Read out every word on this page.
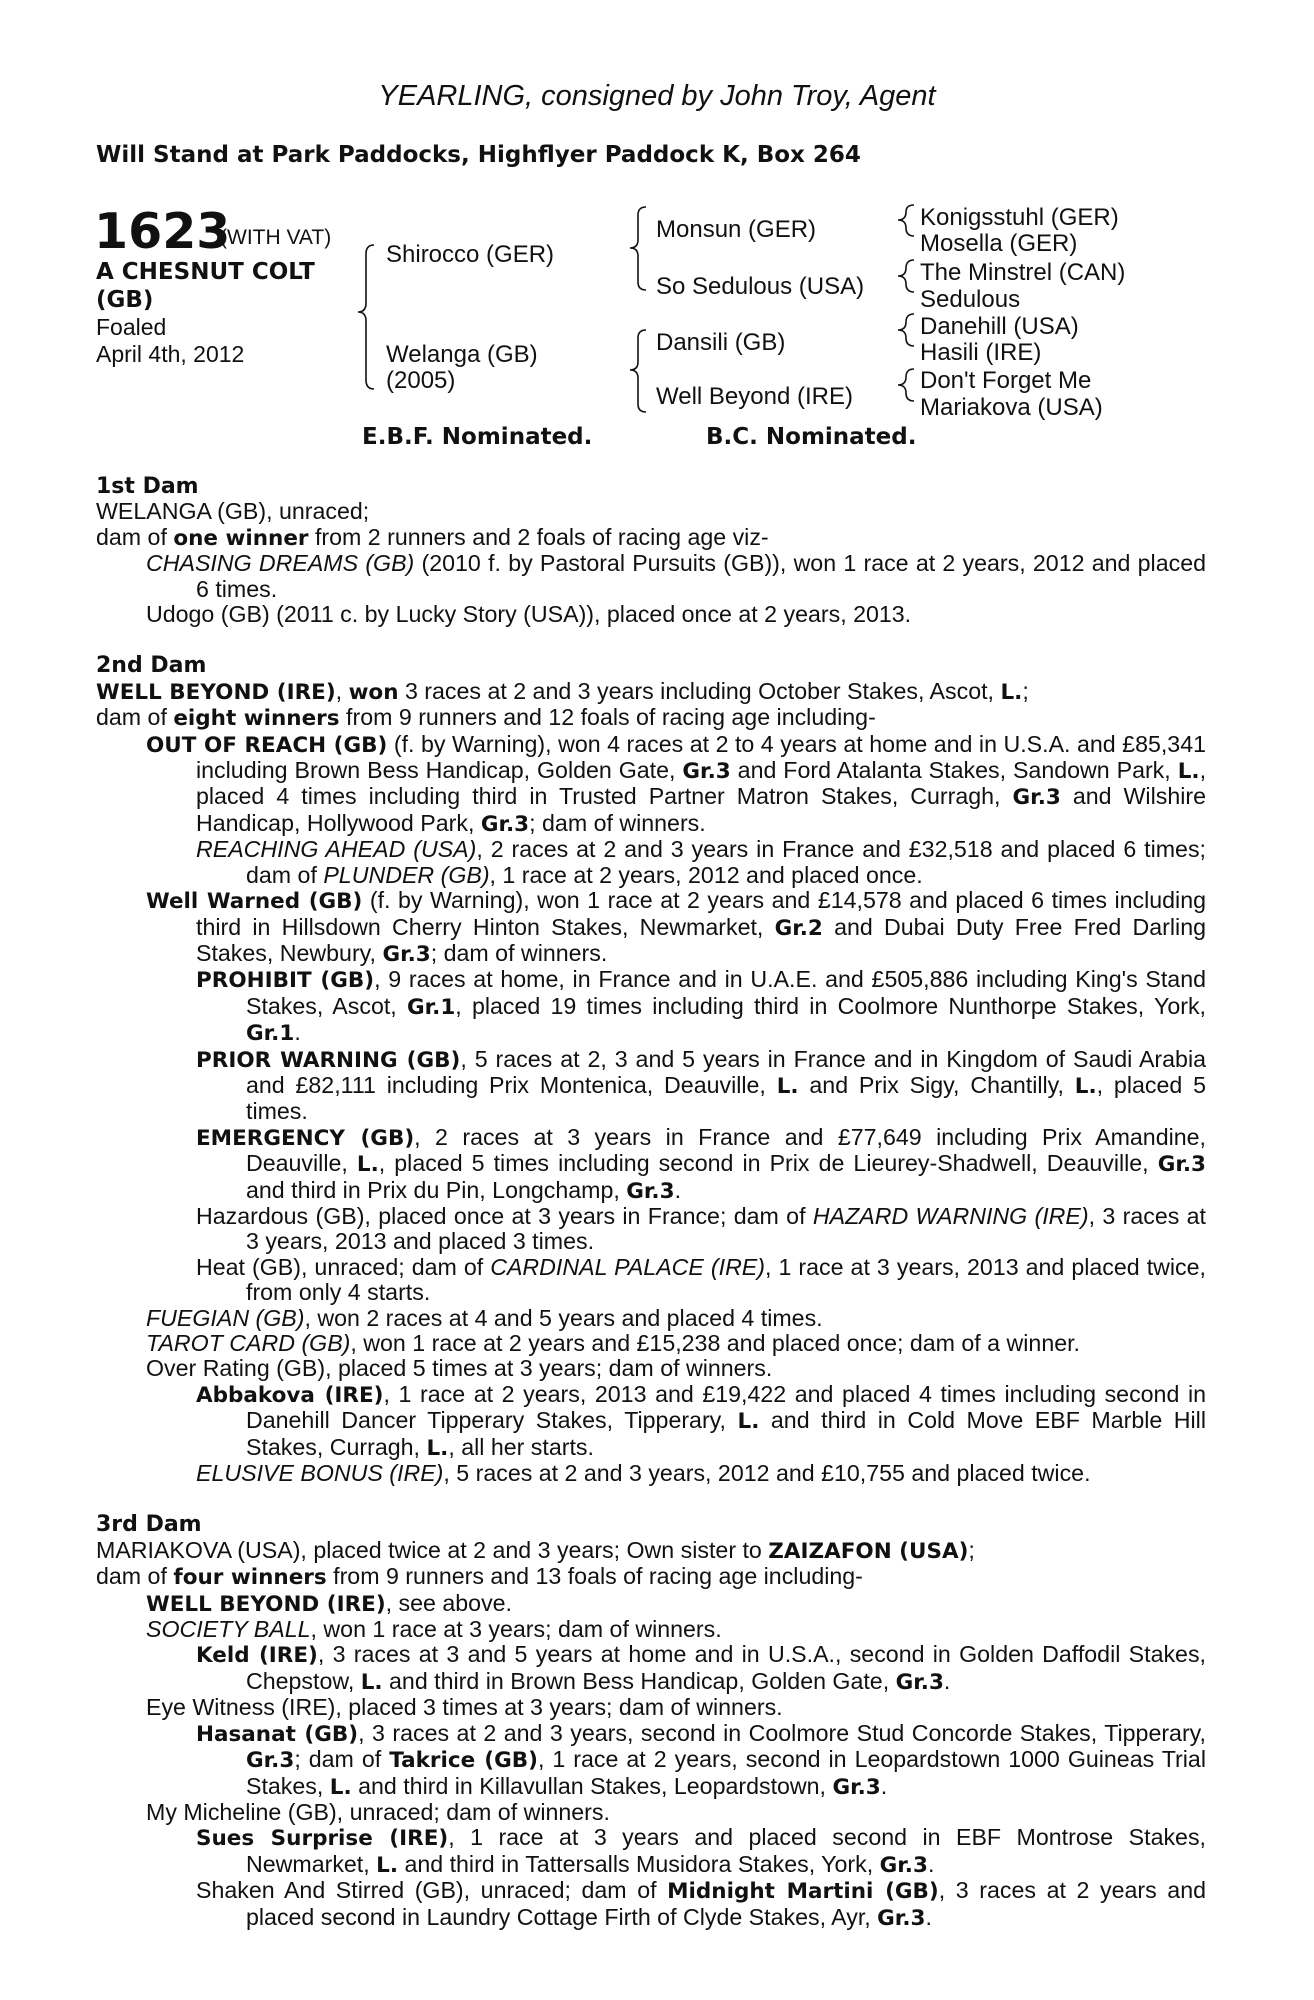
YEARLING, consigned by John Troy, Agent
Will Stand at Park Paddocks, Highflyer Paddock K, Box 264
1623
(WITH VAT)
A CHESNUT COLT (GB)
Foaled
April 4th, 2012
Shirocco (GER)
Welanga (GB)
(2005)
Monsun (GER)
So Sedulous (USA)
Dansili (GB)
Well Beyond (IRE)
Konigsstuhl (GER)
Mosella (GER)
The Minstrel (CAN)
Sedulous
Danehill (USA)
Hasili (IRE)
Don't Forget Me
Mariakova (USA)
E.B.F. Nominated.	B.C. Nominated.
1st Dam
WELANGA (GB), unraced;
dam of one winner from 2 runners and 2 foals of racing age viz-
CHASING DREAMS (GB) (2010 f. by Pastoral Pursuits (GB)), won 1 race at 2 years, 2012 and placed 6 times.
Udogo (GB) (2011 c. by Lucky Story (USA)), placed once at 2 years, 2013.
2nd Dam
WELL BEYOND (IRE), won 3 races at 2 and 3 years including October Stakes, Ascot, L.;
dam of eight winners from 9 runners and 12 foals of racing age including-
OUT OF REACH (GB) (f. by Warning), won 4 races at 2 to 4 years at home and in U.S.A. and £85,341 including Brown Bess Handicap, Golden Gate, Gr.3 and Ford Atalanta Stakes, Sandown Park, L., placed 4 times including third in Trusted Partner Matron Stakes, Curragh, Gr.3 and Wilshire Handicap, Hollywood Park, Gr.3; dam of winners.
REACHING AHEAD (USA), 2 races at 2 and 3 years in France and £32,518 and placed 6 times; dam of PLUNDER (GB), 1 race at 2 years, 2012 and placed once.
Well Warned (GB) (f. by Warning), won 1 race at 2 years and £14,578 and placed 6 times including third in Hillsdown Cherry Hinton Stakes, Newmarket, Gr.2 and Dubai Duty Free Fred Darling Stakes, Newbury, Gr.3; dam of winners.
PROHIBIT (GB), 9 races at home, in France and in U.A.E. and £505,886 including King's Stand Stakes, Ascot, Gr.1, placed 19 times including third in Coolmore Nunthorpe Stakes, York, Gr.1.
PRIOR WARNING (GB), 5 races at 2, 3 and 5 years in France and in Kingdom of Saudi Arabia and £82,111 including Prix Montenica, Deauville, L. and Prix Sigy, Chantilly, L., placed 5 times.
EMERGENCY (GB), 2 races at 3 years in France and £77,649 including Prix Amandine, Deauville, L., placed 5 times including second in Prix de Lieurey-Shadwell, Deauville, Gr.3 and third in Prix du Pin, Longchamp, Gr.3.
Hazardous (GB), placed once at 3 years in France; dam of HAZARD WARNING (IRE), 3 races at 3 years, 2013 and placed 3 times.
Heat (GB), unraced; dam of CARDINAL PALACE (IRE), 1 race at 3 years, 2013 and placed twice, from only 4 starts.
FUEGIAN (GB), won 2 races at 4 and 5 years and placed 4 times.
TAROT CARD (GB), won 1 race at 2 years and £15,238 and placed once; dam of a winner.
Over Rating (GB), placed 5 times at 3 years; dam of winners.
Abbakova (IRE), 1 race at 2 years, 2013 and £19,422 and placed 4 times including second in Danehill Dancer Tipperary Stakes, Tipperary, L. and third in Cold Move EBF Marble Hill Stakes, Curragh, L., all her starts.
ELUSIVE BONUS (IRE), 5 races at 2 and 3 years, 2012 and £10,755 and placed twice.
3rd Dam
MARIAKOVA (USA), placed twice at 2 and 3 years; Own sister to ZAIZAFON (USA);
dam of four winners from 9 runners and 13 foals of racing age including-
WELL BEYOND (IRE), see above.
SOCIETY BALL, won 1 race at 3 years; dam of winners.
Keld (IRE), 3 races at 3 and 5 years at home and in U.S.A., second in Golden Daffodil Stakes, Chepstow, L. and third in Brown Bess Handicap, Golden Gate, Gr.3.
Eye Witness (IRE), placed 3 times at 3 years; dam of winners.
Hasanat (GB), 3 races at 2 and 3 years, second in Coolmore Stud Concorde Stakes, Tipperary, Gr.3; dam of Takrice (GB), 1 race at 2 years, second in Leopardstown 1000 Guineas Trial Stakes, L. and third in Killavullan Stakes, Leopardstown, Gr.3.
My Micheline (GB), unraced; dam of winners.
Sues Surprise (IRE), 1 race at 3 years and placed second in EBF Montrose Stakes, Newmarket, L. and third in Tattersalls Musidora Stakes, York, Gr.3.
Shaken And Stirred (GB), unraced; dam of Midnight Martini (GB), 3 races at 2 years and placed second in Laundry Cottage Firth of Clyde Stakes, Ayr, Gr.3.
